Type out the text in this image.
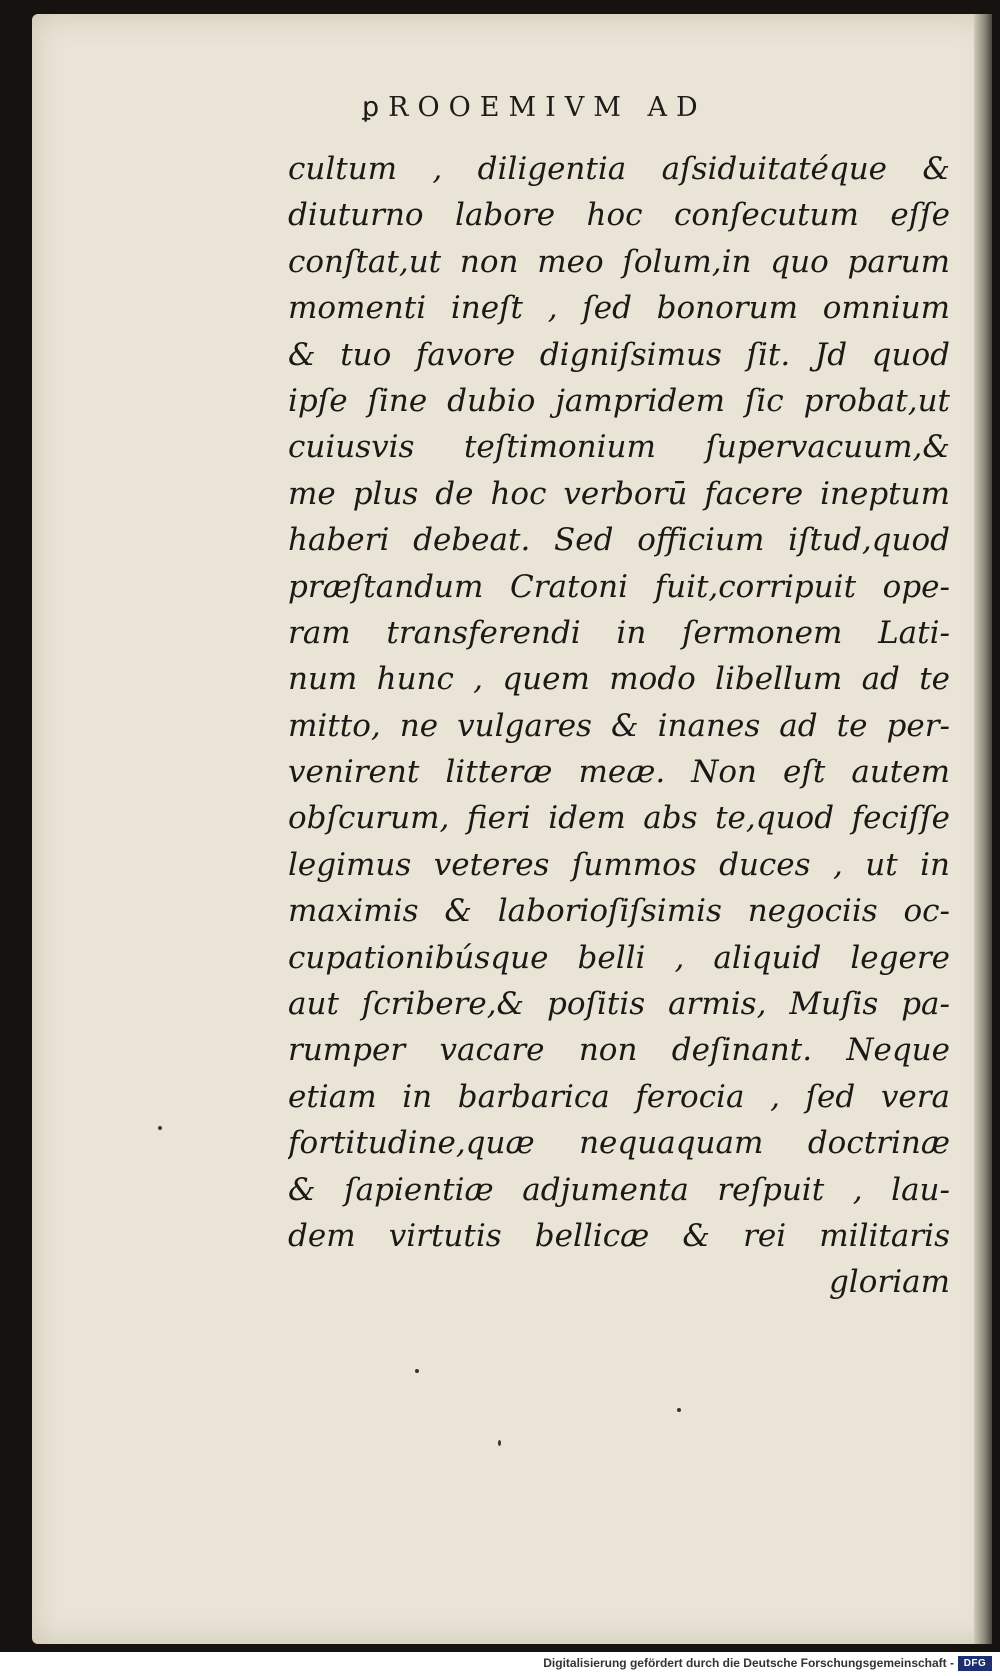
ꝑROOEMIVM AD
cultum , diligentia aſsiduitatéque &
diuturno labore hoc conſecutum eſſe
conſtat,ut non meo ſolum,in quo parum
momenti ineſt , ſed bonorum omnium
& tuo favore digniſsimus ſit. Jd quod
ipſe ſine dubio jampridem ſic probat,ut
cuiusvis teſtimonium ſupervacuum,&
me plus de hoc verborū facere ineptum
haberi debeat. Sed officium iſtud,quod
præſtandum Cratoni fuit,corripuit ope-
ram transferendi in ſermonem Lati-
num hunc , quem modo libellum ad te
mitto, ne vulgares & inanes ad te per-
venirent litteræ meæ. Non eſt autem
obſcurum, fieri idem abs te,quod feciſſe
legimus veteres ſummos duces , ut in
maximis & laborioſiſsimis negociis oc-
cupationibúsque belli , aliquid legere
aut ſcribere,& poſitis armis, Muſis pa-
rumper vacare non deſinant. Neque
etiam in barbarica ferocia , ſed vera
fortitudine,quæ nequaquam doctrinæ
& ſapientiæ adjumenta reſpuit , lau-
dem virtutis bellicæ & rei militaris
gloriam
Digitalisierung gefördert durch die Deutsche Forschungsgemeinschaft - DFG
